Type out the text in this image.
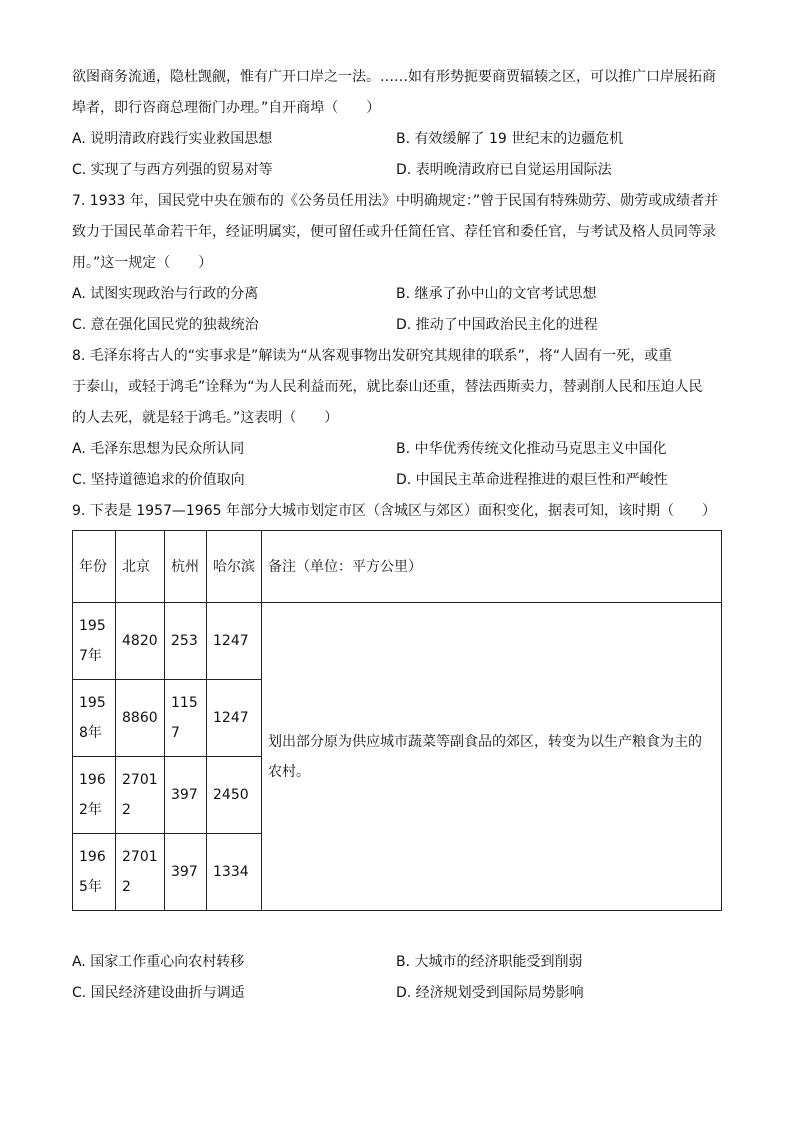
欲图商务流通，隐杜觊觎，惟有广开口岸之一法。……如有形势扼要商贾辐辏之区，可以推广口岸展拓商

埠者，即行咨商总理衙门办理。”自开商埠（　　）

A. 说明清政府践行实业救国思想	B. 有效缓解了 19 世纪末的边疆危机
C. 实现了与西方列强的贸易对等	D. 表明晚清政府已自觉运用国际法

7. 1933 年，国民党中央在颁布的《公务员任用法》中明确规定：”曾于民国有特殊勋劳、勋劳或成绩者并

致力于国民革命若干年，经证明属实，便可留任或升任简任官、荐任官和委任官，与考试及格人员同等录

用。”这一规定（　　）

A. 试图实现政治与行政的分离	B. 继承了孙中山的文官考试思想
C. 意在强化国民党的独裁统治	D. 推动了中国政治民主化的进程

8. 毛泽东将古人的“实事求是”解读为“从客观事物出发研究其规律的联系”，将“人固有一死，或重

于泰山，或轻于鸿毛”诠释为“为人民利益而死，就比泰山还重，替法西斯卖力，替剥削人民和压迫人民

的人去死，就是轻于鸿毛。”这表明（　　）

A. 毛泽东思想为民众所认同	B. 中华优秀传统文化推动马克思主义中国化
C. 坚持道德追求的价值取向	D. 中国民主革命进程推进的艰巨性和严峻性

9. 下表是 1957—1965 年部分大城市划定市区（含城区与郊区）面积变化，据表可知，该时期（　　）

年份	北京	杭州	哈尔滨	备注（单位：平方公里）
1957年	4820	253	1247	划出部分原为供应城市蔬菜等副食品的郊区，转变为以生产粮食为主的农村。
1958年	8860	1157	1247	
1962年	27012	397	2450	
1965年	27012	397	1334	
A. 国家工作重心向农村转移	B. 大城市的经济职能受到削弱
C. 国民经济建设曲折与调适	D. 经济规划受到国际局势影响
